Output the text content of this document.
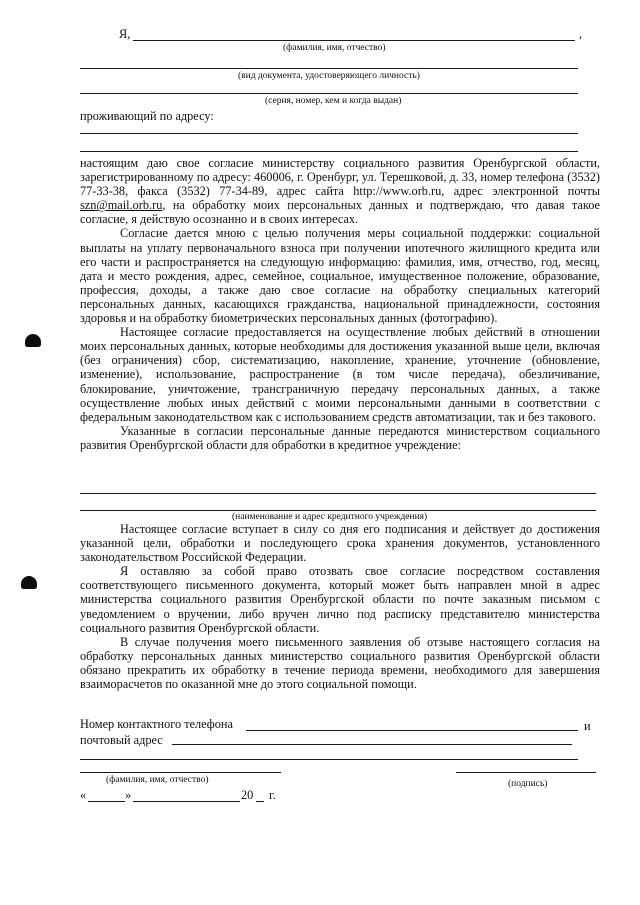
Я,	,
(фамилия, имя, отчество)
(вид документа, удостоверяющего личность)
(серия, номер, кем и когда выдан)
проживающий по адресу:

настоящим даю свое согласие министерству социального развития Оренбургской области, зарегистрированному по адресу: 460006, г. Оренбург, ул. Терешковой, д. 33, номер телефона (3532) 77-33-38, факса (3532) 77-34-89, адрес сайта http://www.orb.ru, адрес электронной почты szn@mail.orb.ru, на обработку моих персональных данных и подтверждаю, что давая такое согласие, я действую осознанно и в своих интересах.

Согласие дается мною с целью получения меры социальной поддержки: социальной выплаты на уплату первоначального взноса при получении ипотечного жилищного кредита или его части и распространяется на следующую информацию: фамилия, имя, отчество, год, месяц, дата и место рождения, адрес, семейное, социальное, имущественное положение, образование, профессия, доходы, а также даю свое согласие на обработку специальных категорий персональных данных, касающихся гражданства, национальной принадлежности, состояния здоровья и на обработку биометрических персональных данных (фотографию).

Настоящее согласие предоставляется на осуществление любых действий в отношении моих персональных данных, которые необходимы для достижения указанной выше цели, включая (без ограничения) сбор, систематизацию, накопление, хранение, уточнение (обновление, изменение), использование, распространение (в том числе передача), обезличивание, блокирование, уничтожение, трансграничную передачу персональных данных, а также осуществление любых иных действий с моими персональными данными в соответствии с федеральным законодательством как с использованием средств автоматизации, так и без такового.

Указанные в согласии персональные данные передаются министерством социального развития Оренбургской области для обработки в кредитное учреждение:

(наименование и адрес кредитного учреждения)

Настоящее согласие вступает в силу со дня его подписания и действует до достижения указанной цели, обработки и последующего срока хранения документов, установленного законодательством Российской Федерации.

Я оставляю за собой право отозвать свое согласие посредством составления соответствующего письменного документа, который может быть направлен мной в адрес министерства социального развития Оренбургской области по почте заказным письмом с уведомлением о вручении, либо вручен лично под расписку представителю министерства социального развития Оренбургской области.

В случае получения моего письменного заявления об отзыве настоящего согласия на обработку персональных данных министерство социального развития Оренбургской области обязано прекратить их обработку в течение периода времени, необходимого для завершения взаиморасчетов по оказанной мне до этого социальной помощи.

Номер контактного телефона	и
почтовый адрес
(фамилия, имя, отчество)	(подпись)
«	»	20 г.
